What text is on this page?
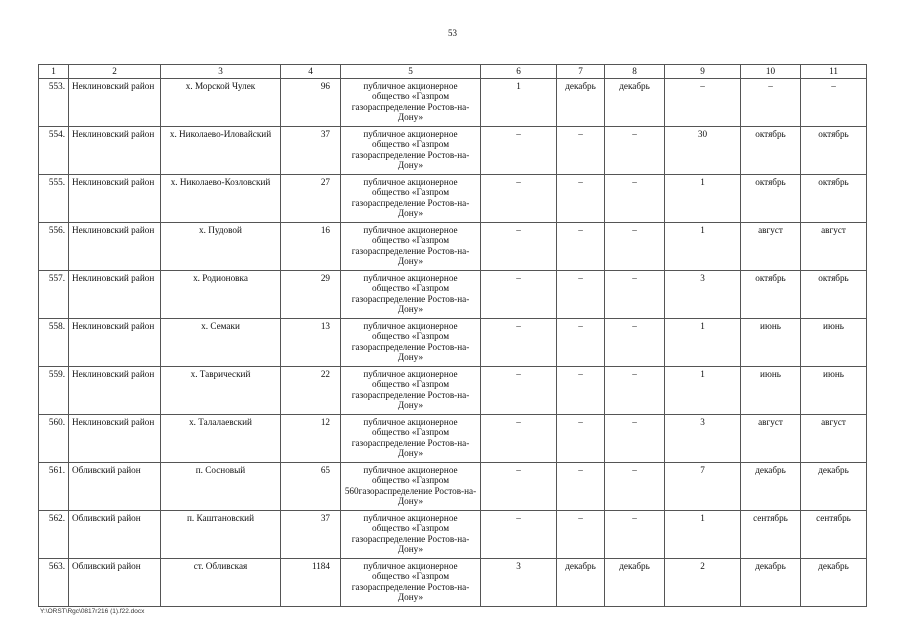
53
1	2	3	4	5	6	7	8	9	10	11
553.	Неклиновский район	х. Морской Чулек	96	публичное акционерное общество «Газпром газораспределение Ростов-на-Дону»	1	декабрь	декабрь	–	–	–
554.	Неклиновский район	х. Николаево-Иловайский	37	публичное акционерное общество «Газпром газораспределение Ростов-на-Дону»	–	–	–	30	октябрь	октябрь
555.	Неклиновский район	х. Николаево-Козловский	27	публичное акционерное общество «Газпром газораспределение Ростов-на-Дону»	–	–	–	1	октябрь	октябрь
556.	Неклиновский район	х. Пудовой	16	публичное акционерное общество «Газпром газораспределение Ростов-на-Дону»	–	–	–	1	август	август
557.	Неклиновский район	х. Родионовка	29	публичное акционерное общество «Газпром газораспределение Ростов-на-Дону»	–	–	–	3	октябрь	октябрь
558.	Неклиновский район	х. Семаки	13	публичное акционерное общество «Газпром газораспределение Ростов-на-Дону»	–	–	–	1	июнь	июнь
559.	Неклиновский район	х. Таврический	22	публичное акционерное общество «Газпром газораспределение Ростов-на-Дону»	–	–	–	1	июнь	июнь
560.	Неклиновский район	х. Талалаевский	12	публичное акционерное общество «Газпром газораспределение Ростов-на-Дону»	–	–	–	3	август	август
561.	Обливский район	п. Сосновый	65	публичное акционерное общество «Газпром 560газораспределение Ростов-на-Дону»	–	–	–	7	декабрь	декабрь
562.	Обливский район	п. Каштановский	37	публичное акционерное общество «Газпром газораспределение Ростов-на-Дону»	–	–	–	1	сентябрь	сентябрь
563.	Обливский район	ст. Обливская	1184	публичное акционерное общество «Газпром газораспределение Ростов-на-Дону»	3	декабрь	декабрь	2	декабрь	декабрь
Y:\ORST\Rgc\0817r216 (1).f22.docx
